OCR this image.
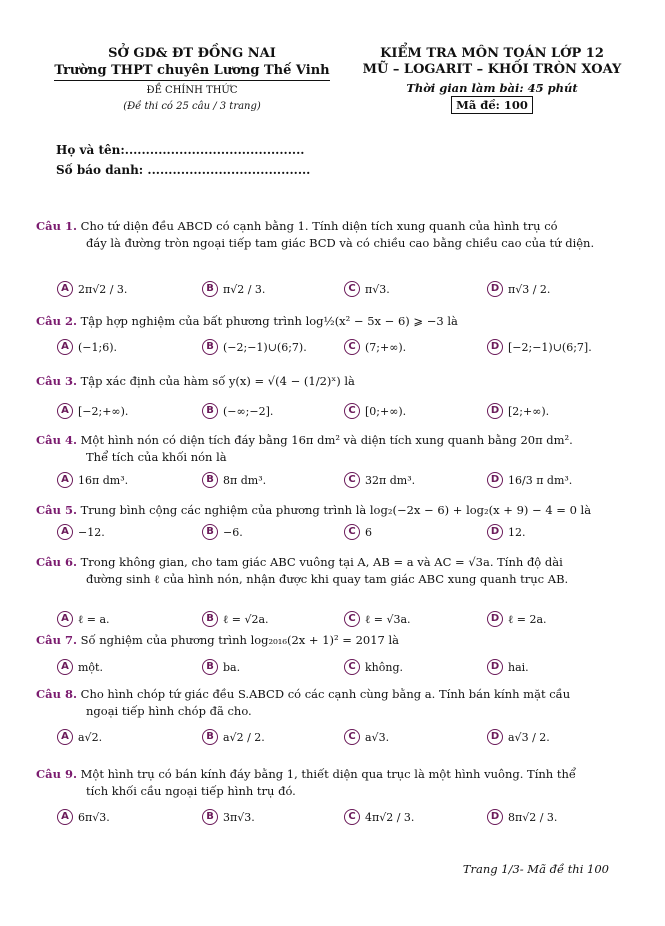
SỞ GD& ĐT ĐỒNG NAI
Trường THPT chuyên Lương Thế Vinh
ĐỀ CHÍNH THỨC
(Đề thi có 25 câu / 3 trang)
KIỂM TRA MÔN TOÁN LỚP 12
MŨ – LOGARIT – KHỐI TRÒN XOAY
Thời gian làm bài: 45 phút
Mã đề: 100
Họ và tên:...........................................
Số báo danh: .......................................
Câu 1. Cho tứ diện đều ABCD có cạnh bằng 1. Tính diện tích xung quanh của hình trụ có
đáy là đường tròn ngoại tiếp tam giác BCD và có chiều cao bằng chiều cao của tứ diện.
A 2π√2 / 3.	B π√2 / 3.	C π√3.	D π√3 / 2.
Câu 2. Tập hợp nghiệm của bất phương trình log½(x² − 5x − 6) ⩾ −3 là
A (−1;6).	B (−2;−1)∪(6;7).	C (7;+∞).	D [−2;−1)∪(6;7].
Câu 3. Tập xác định của hàm số y(x) = √(4 − (1/2)ˣ) là
A [−2;+∞).	B (−∞;−2].	C [0;+∞).	D [2;+∞).
Câu 4. Một hình nón có diện tích đáy bằng 16π dm² và diện tích xung quanh bằng 20π dm².
Thể tích của khối nón là
A 16π dm³.	B 8π dm³.	C 32π dm³.	D 16/3 π dm³.
Câu 5. Trung bình cộng các nghiệm của phương trình là log₂(−2x − 6) + log₂(x + 9) − 4 = 0 là
A −12.	B −6.	C 6	D 12.
Câu 6. Trong không gian, cho tam giác ABC vuông tại A, AB = a và AC = √3a. Tính độ dài
đường sinh ℓ của hình nón, nhận được khi quay tam giác ABC xung quanh trục AB.
A ℓ = a.	B ℓ = √2a.	C ℓ = √3a.	D ℓ = 2a.
Câu 7. Số nghiệm của phương trình log₂₀₁₆(2x + 1)² = 2017 là
A một.	B ba.	C không.	D hai.
Câu 8. Cho hình chóp tứ giác đều S.ABCD có các cạnh cùng bằng a. Tính bán kính mặt cầu
ngoại tiếp hình chóp đã cho.
A a√2.	B a√2 / 2.	C a√3.	D a√3 / 2.
Câu 9. Một hình trụ có bán kính đáy bằng 1, thiết diện qua trục là một hình vuông. Tính thể
tích khối cầu ngoại tiếp hình trụ đó.
A 6π√3.	B 3π√3.	C 4π√2 / 3.	D 8π√2 / 3.
Trang 1/3- Mã đề thi 100
